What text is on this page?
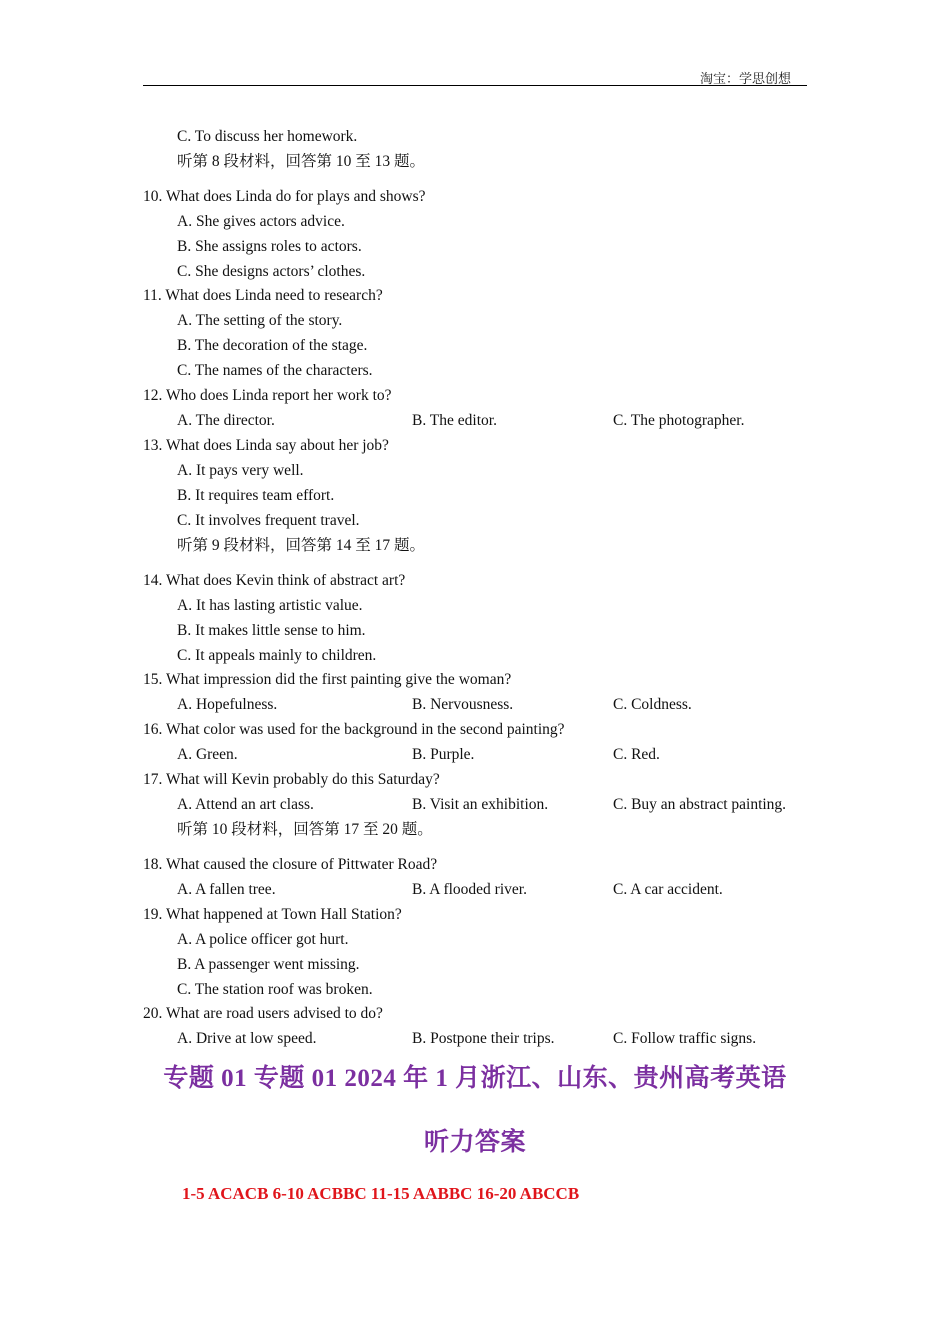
淘宝：学思创想
C. To discuss her homework.
听第 8 段材料，回答第 10 至 13 题。
10. What does Linda do for plays and shows?
A. She gives actors advice.
B. She assigns roles to actors.
C. She designs actors’ clothes.
11. What does Linda need to research?
A. The setting of the story.
B. The decoration of the stage.
C. The names of the characters.
12. Who does Linda report her work to?
A. The director.	B. The editor.	C. The photographer.
13. What does Linda say about her job?
A. It pays very well.
B. It requires team effort.
C. It involves frequent travel.
听第 9 段材料，回答第 14 至 17 题。
14. What does Kevin think of abstract art?
A. It has lasting artistic value.
B. It makes little sense to him.
C. It appeals mainly to children.
15. What impression did the first painting give the woman?
A. Hopefulness.	B. Nervousness.	C. Coldness.
16. What color was used for the background in the second painting?
A. Green.	B. Purple.	C. Red.
17. What will Kevin probably do this Saturday?
A. Attend an art class.	B. Visit an exhibition.	C. Buy an abstract painting.
听第 10 段材料，回答第 17 至 20 题。
18. What caused the closure of Pittwater Road?
A. A fallen tree.	B. A flooded river.	C. A car accident.
19. What happened at Town Hall Station?
A. A police officer got hurt.
B. A passenger went missing.
C. The station roof was broken.
20. What are road users advised to do?
A. Drive at low speed.	B. Postpone their trips.	C. Follow traffic signs.
专题 01 专题 01 2024 年 1 月浙江、山东、贵州高考英语
听力答案
1-5 ACACB 6-10 ACBBC 11-15 AABBC 16-20 ABCCB
